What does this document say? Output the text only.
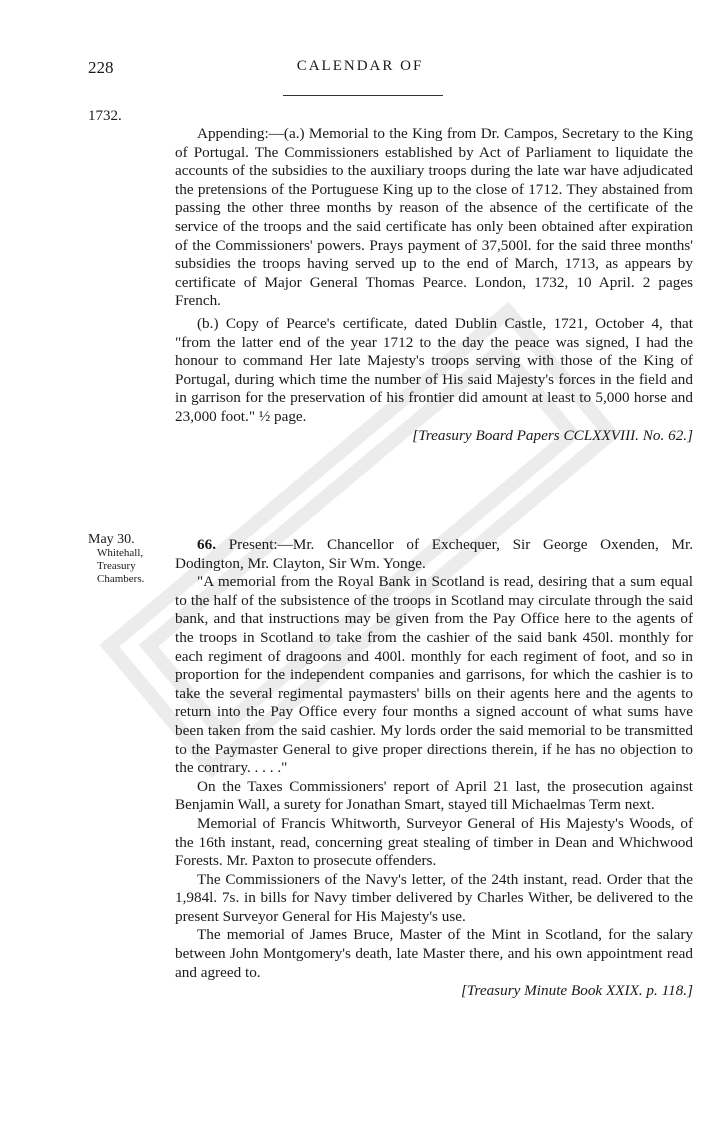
228	CALENDAR OF
1732.
May 30.
Whitehall,
Treasury
Chambers.

Appending:—(a.) Memorial to the King from Dr. Campos, Secretary to the King of Portugal. The Commissioners established by Act of Parliament to liquidate the accounts of the subsidies to the auxiliary troops during the late war have adjudicated the pretensions of the Portuguese King up to the close of 1712. They abstained from passing the other three months by reason of the absence of the certificate of the service of the troops and the said certificate has only been obtained after expiration of the Commissioners' powers. Prays payment of 37,500l. for the said three months' subsidies the troops having served up to the end of March, 1713, as appears by certificate of Major General Thomas Pearce. London, 1732, 10 April. 2 pages French.

(b.) Copy of Pearce's certificate, dated Dublin Castle, 1721, October 4, that "from the latter end of the year 1712 to the day the peace was signed, I had the honour to command Her late Majesty's troops serving with those of the King of Portugal, during which time the number of His said Majesty's forces in the field and in garrison for the preservation of his frontier did amount at least to 5,000 horse and 23,000 foot." ½ page.

[Treasury Board Papers CCLXXVIII. No. 62.]

66. Present:—Mr. Chancellor of Exchequer, Sir George Oxenden, Mr. Dodington, Mr. Clayton, Sir Wm. Yonge.

"A memorial from the Royal Bank in Scotland is read, desiring that a sum equal to the half of the subsistence of the troops in Scotland may circulate through the said bank, and that instructions may be given from the Pay Office here to the agents of the troops in Scotland to take from the cashier of the said bank 450l. monthly for each regiment of dragoons and 400l. monthly for each regiment of foot, and so in proportion for the independent companies and garrisons, for which the cashier is to take the several regimental paymasters' bills on their agents here and the agents to return into the Pay Office every four months a signed account of what sums have been taken from the said cashier. My lords order the said memorial to be transmitted to the Paymaster General to give proper directions therein, if he has no objection to the contrary. . . . ."

On the Taxes Commissioners' report of April 21 last, the prosecution against Benjamin Wall, a surety for Jonathan Smart, stayed till Michaelmas Term next.

Memorial of Francis Whitworth, Surveyor General of His Majesty's Woods, of the 16th instant, read, concerning great stealing of timber in Dean and Whichwood Forests. Mr. Paxton to prosecute offenders.

The Commissioners of the Navy's letter, of the 24th instant, read. Order that the 1,984l. 7s. in bills for Navy timber delivered by Charles Wither, be delivered to the present Surveyor General for His Majesty's use.

The memorial of James Bruce, Master of the Mint in Scotland, for the salary between John Montgomery's death, late Master there, and his own appointment read and agreed to.

[Treasury Minute Book XXIX. p. 118.]
